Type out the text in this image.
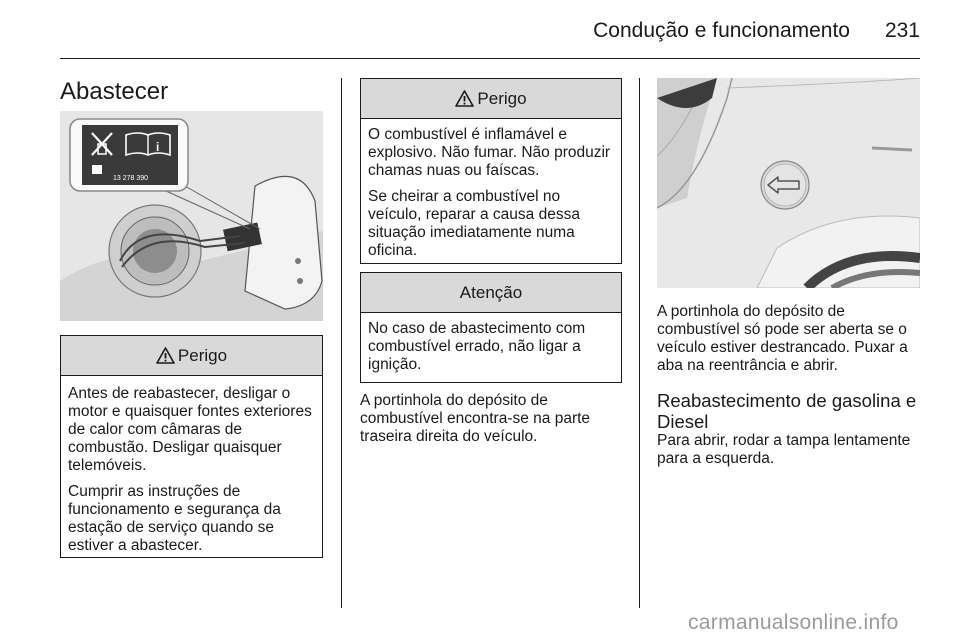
Condução e funcionamento	231
Abastecer
i
13 278 390
Perigo

Antes de reabastecer, desligar o motor e quaisquer fontes exteriores de calor com câmaras de combustão. Desligar quaisquer telemóveis.

Cumprir as instruções de funcionamento e segurança da estação de serviço quando se estiver a abastecer.

Perigo

O combustível é inflamável e explosivo. Não fumar. Não produzir chamas nuas ou faíscas.

Se cheirar a combustível no veículo, reparar a causa dessa situação imediatamente numa oficina.

Atenção

No caso de abastecimento com combustível errado, não ligar a ignição.

A portinhola do depósito de combustível encontra-se na parte traseira direita do veículo.
A portinhola do depósito de combustível só pode ser aberta se o veículo estiver destrancado. Puxar a aba na reentrância e abrir.
Reabastecimento de gasolina e Diesel
Para abrir, rodar a tampa lentamente para a esquerda.
carmanualsonline.info
